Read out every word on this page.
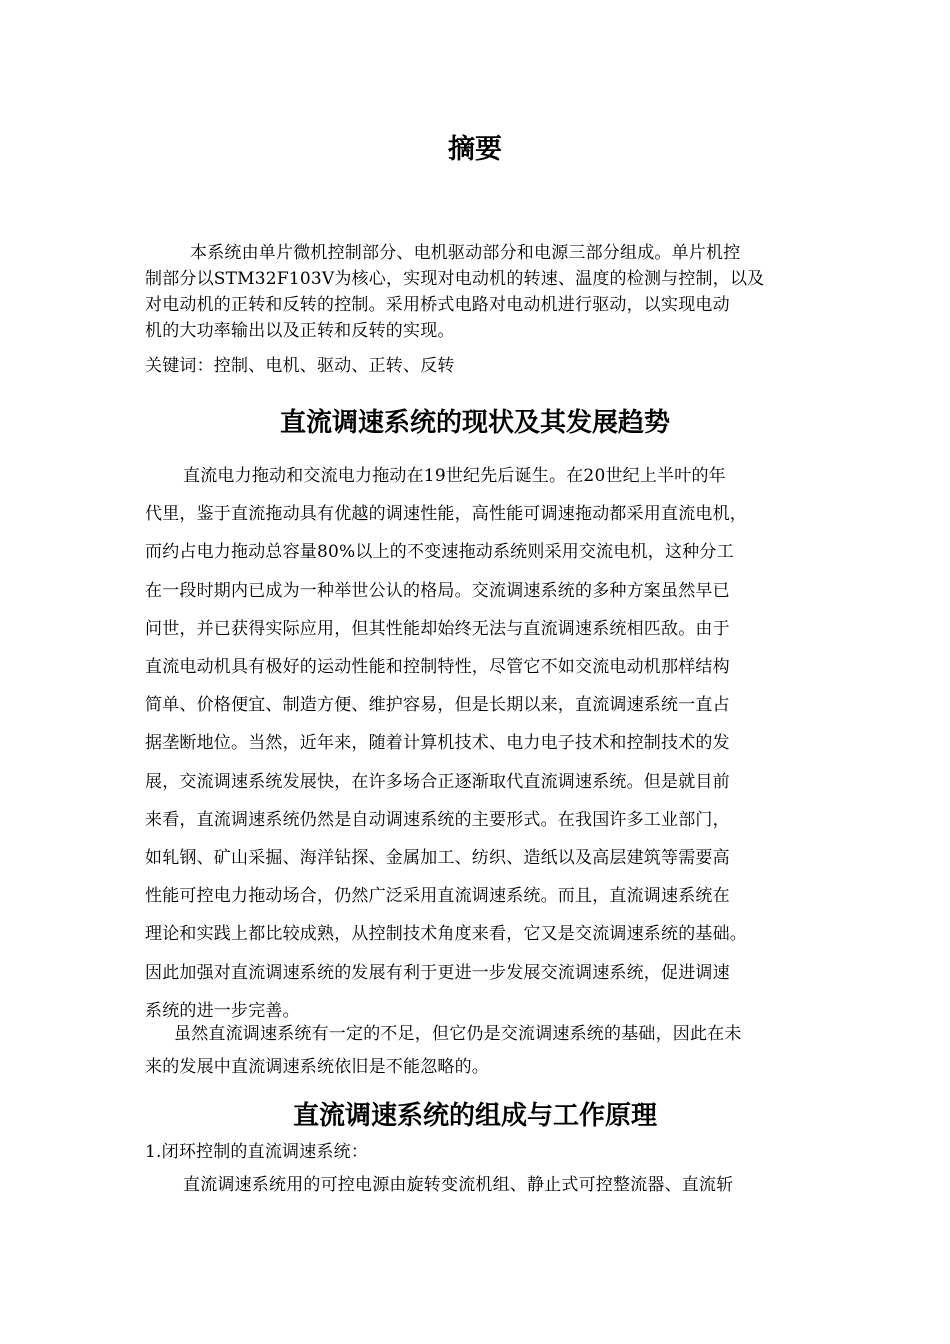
摘要
本系统由单片微机控制部分、电机驱动部分和电源三部分组成。单片机控
制部分以STM32F103V为核心，实现对电动机的转速、温度的检测与控制，以及
对电动机的正转和反转的控制。采用桥式电路对电动机进行驱动，以实现电动
机的大功率输出以及正转和反转的实现。
关键词：控制、电机、驱动、正转、反转
直流调速系统的现状及其发展趋势
直流电力拖动和交流电力拖动在19世纪先后诞生。在20世纪上半叶的年
代里，鉴于直流拖动具有优越的调速性能，高性能可调速拖动都采用直流电机，
而约占电力拖动总容量80%以上的不变速拖动系统则采用交流电机，这种分工
在一段时期内已成为一种举世公认的格局。交流调速系统的多种方案虽然早已
问世，并已获得实际应用，但其性能却始终无法与直流调速系统相匹敌。由于
直流电动机具有极好的运动性能和控制特性，尽管它不如交流电动机那样结构
简单、价格便宜、制造方便、维护容易，但是长期以来，直流调速系统一直占
据垄断地位。当然，近年来，随着计算机技术、电力电子技术和控制技术的发
展，交流调速系统发展快，在许多场合正逐渐取代直流调速系统。但是就目前
来看，直流调速系统仍然是自动调速系统的主要形式。在我国许多工业部门，
如轧钢、矿山采掘、海洋钻探、金属加工、纺织、造纸以及高层建筑等需要高
性能可控电力拖动场合，仍然广泛采用直流调速系统。而且，直流调速系统在
理论和实践上都比较成熟，从控制技术角度来看，它又是交流调速系统的基础。
因此加强对直流调速系统的发展有利于更进一步发展交流调速系统，促进调速
系统的进一步完善。
虽然直流调速系统有一定的不足，但它仍是交流调速系统的基础，因此在未
来的发展中直流调速系统依旧是不能忽略的。
直流调速系统的组成与工作原理
1.闭环控制的直流调速系统：
直流调速系统用的可控电源由旋转变流机组、静止式可控整流器、直流斩
